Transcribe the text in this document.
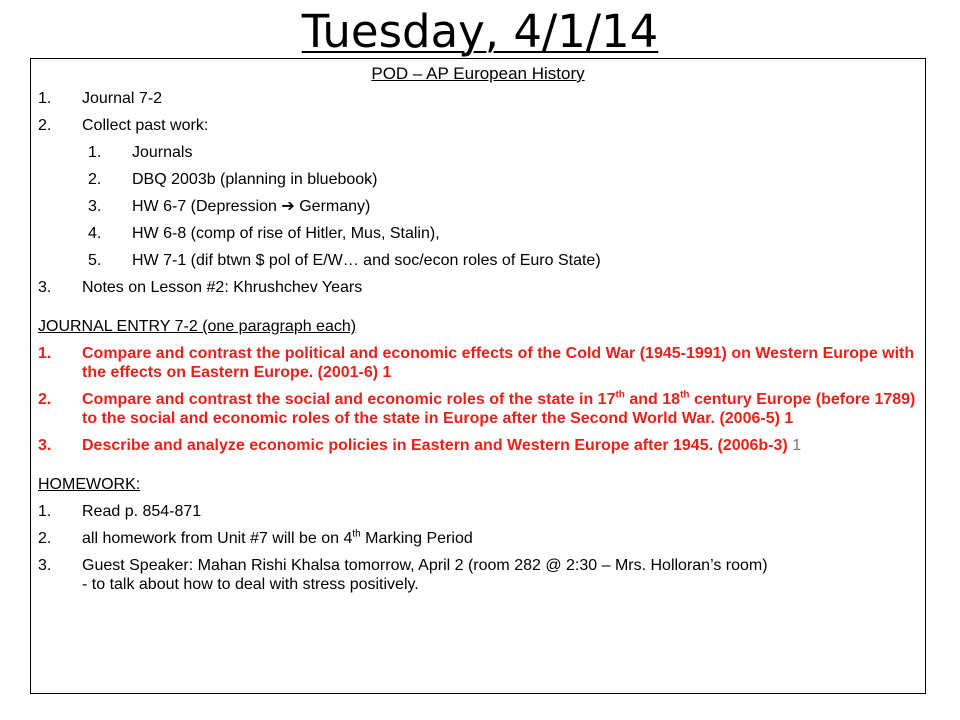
Tuesday, 4/1/14
POD – AP European History
1.	Journal 7-2
2.	Collect past work:
1.	Journals
2.	DBQ 2003b (planning in bluebook)
3.	HW 6-7 (Depression ➔ Germany)
4.	HW 6-8 (comp of rise of Hitler, Mus, Stalin),
5.	HW 7-1 (dif btwn $ pol of E/W… and soc/econ roles of Euro State)
3.	Notes on Lesson #2: Khrushchev Years
JOURNAL ENTRY 7-2 (one paragraph each)
1.	Compare and contrast the political and economic effects of the Cold War (1945-1991) on Western Europe with the effects on Eastern Europe. (2001-6) 1
2.	Compare and contrast the social and economic roles of the state in 17th and 18th century Europe (before 1789) to the social and economic roles of the state in Europe after the Second World War. (2006-5) 1
3.	Describe and analyze economic policies in Eastern and Western Europe after 1945. (2006b-3) 1
HOMEWORK:
1.	Read p. 854-871
2.	all homework from Unit #7 will be on 4th Marking Period
3.	Guest Speaker: Mahan Rishi Khalsa tomorrow, April 2 (room 282 @ 2:30 – Mrs. Holloran’s room)
- to talk about how to deal with stress positively.
